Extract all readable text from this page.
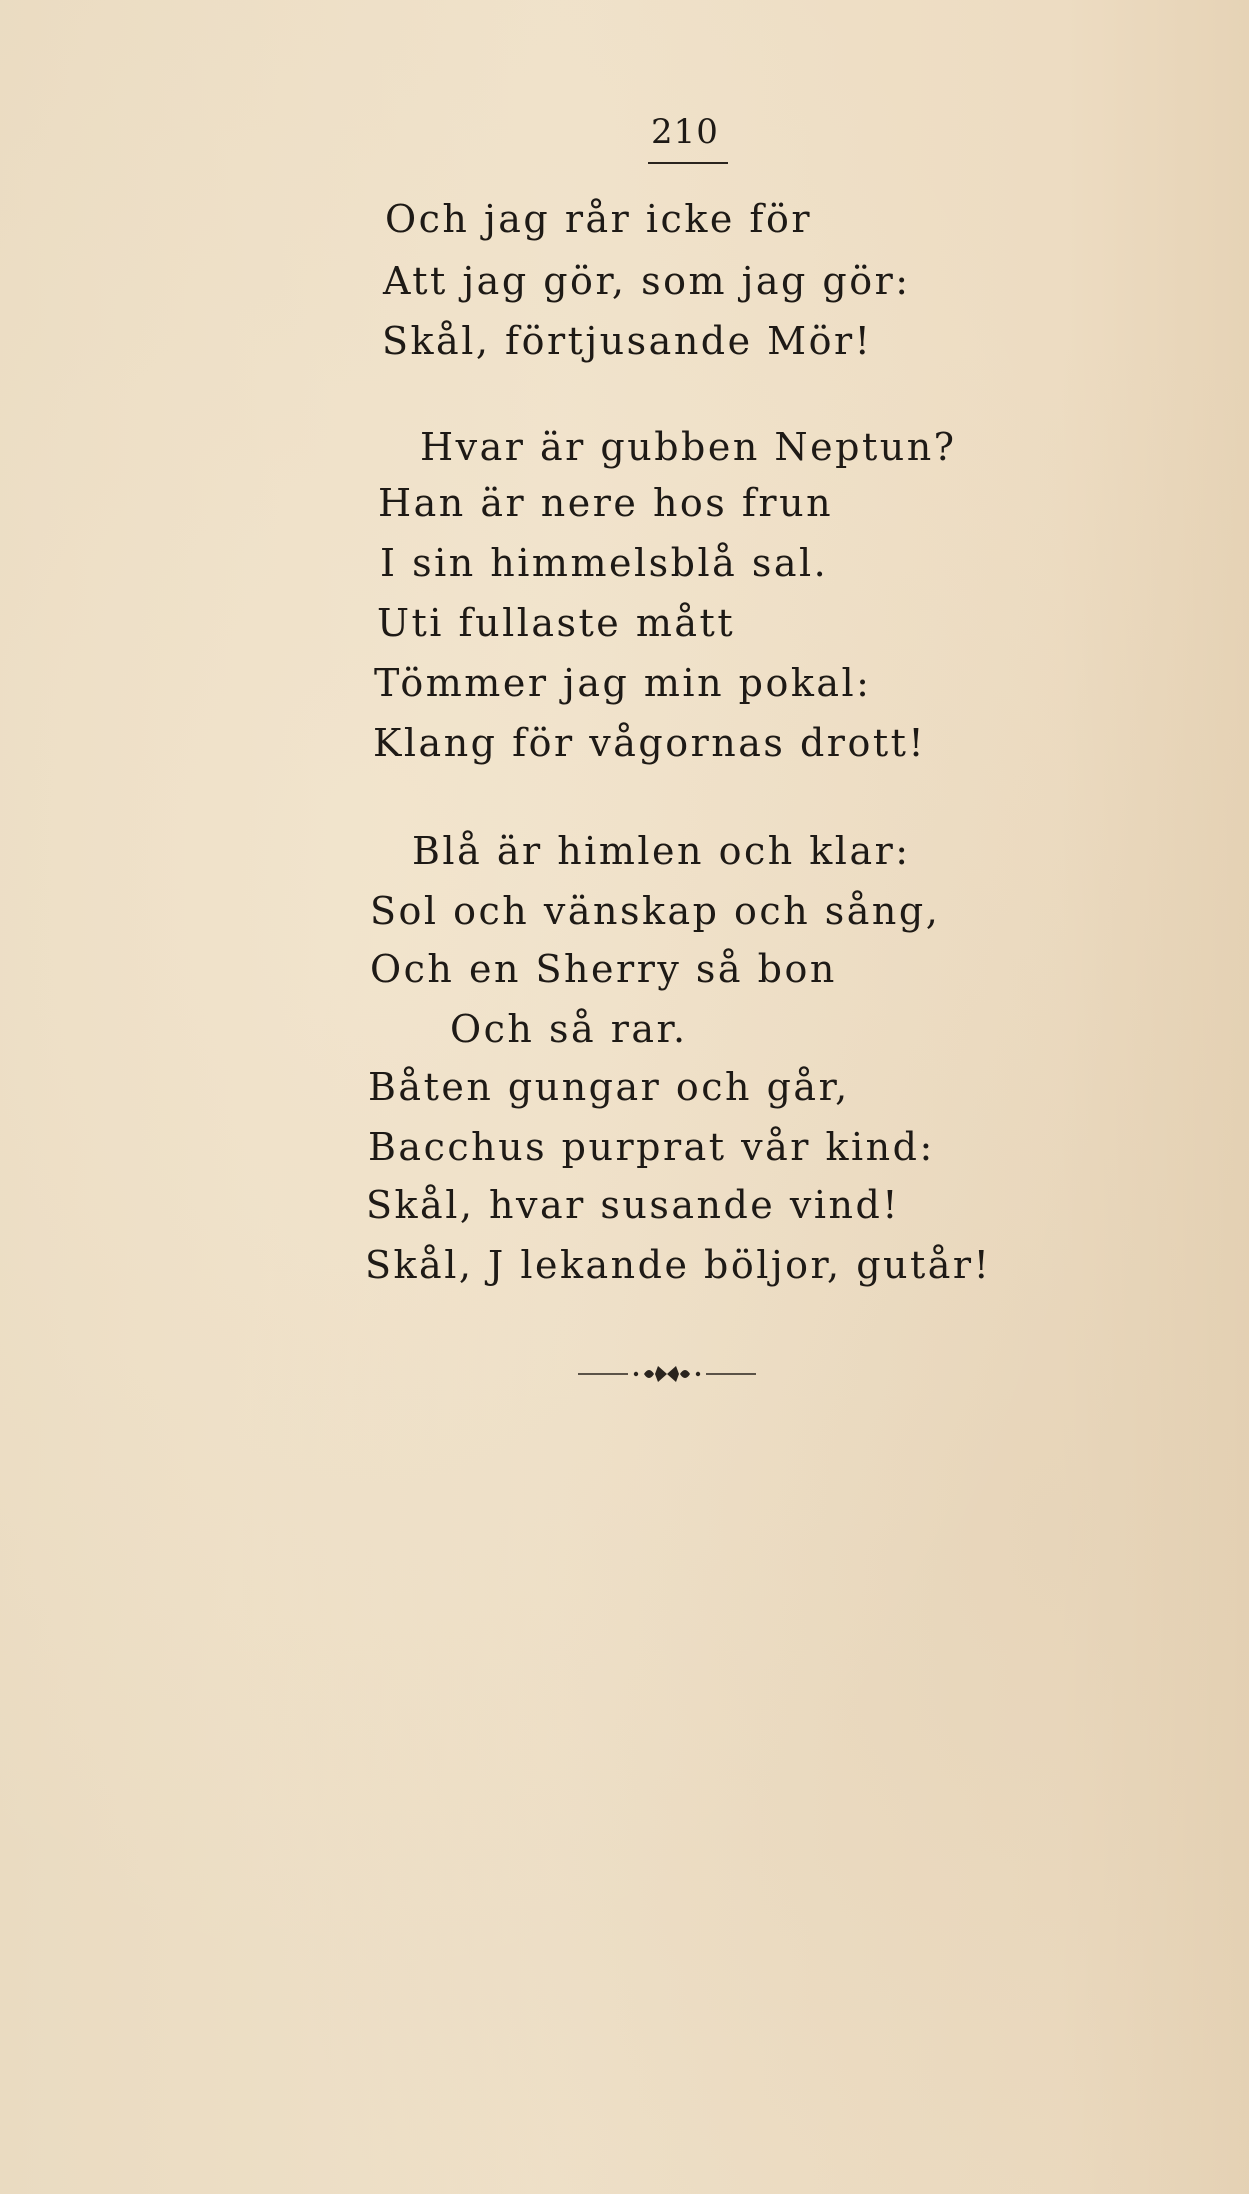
210
Och jag rår icke för
Att jag gör, som jag gör:
Skål, förtjusande Mör!
Hvar är gubben Neptun?
Han är nere hos frun
I sin himmelsblå sal.
Uti fullaste mått
Tömmer jag min pokal:
Klang för vågornas drott!
Blå är himlen och klar:
Sol och vänskap och sång,
Och en Sherry så bon
Och så rar.
Båten gungar och går,
Bacchus purprat vår kind:
Skål, hvar susande vind!
Skål, J lekande böljor, gutår!
